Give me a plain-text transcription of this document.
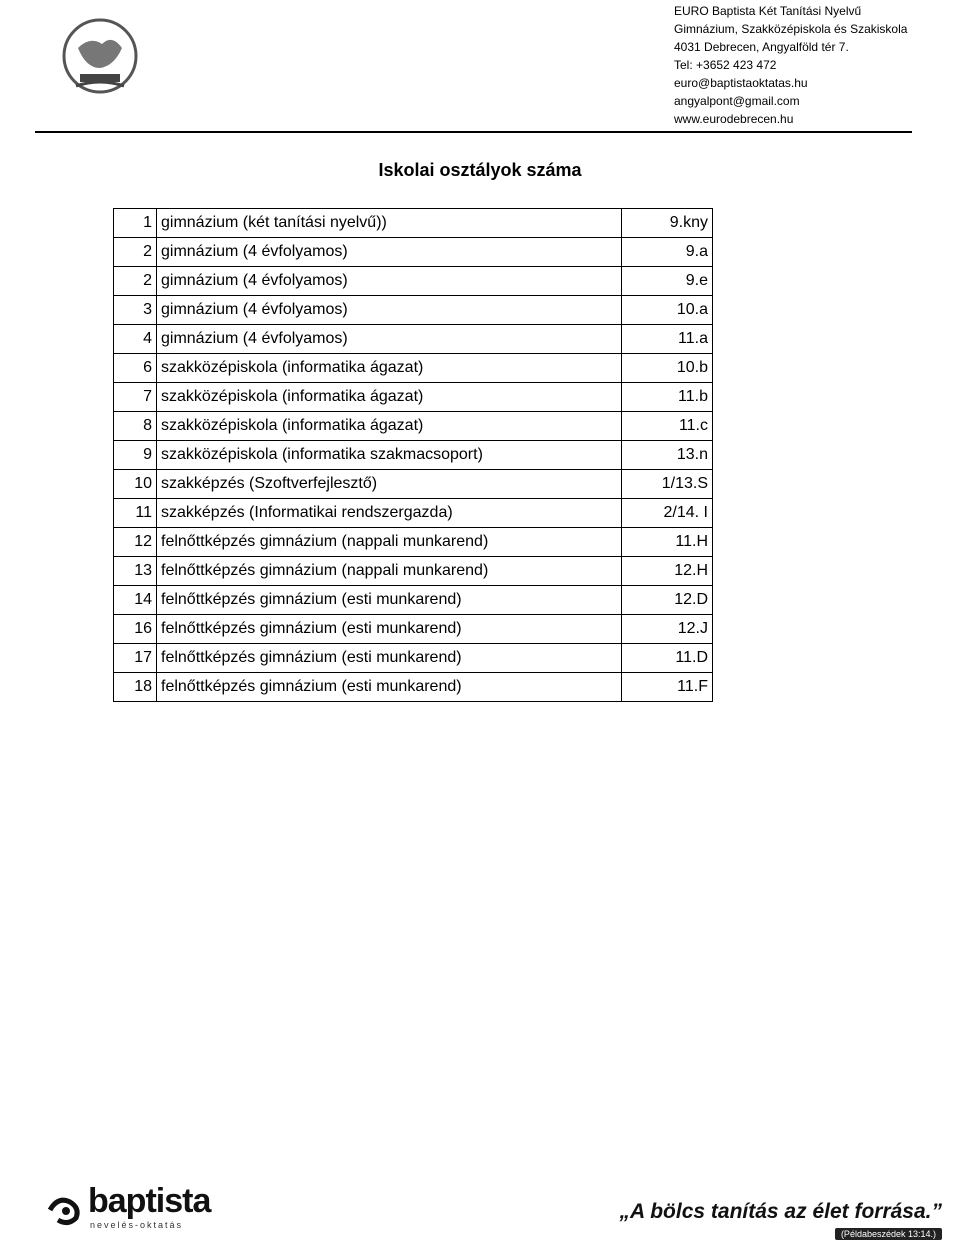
EURO Baptista Két Tanítási Nyelvű
Gimnázium, Szakközépiskola és Szakiskola
4031 Debrecen, Angyalföld tér 7.
Tel: +3652 423 472
euro@baptistaoktatas.hu
angyalpont@gmail.com
www.eurodebrecen.hu
Iskolai osztályok száma
1	gimnázium (két tanítási nyelvű))	9.kny
2	gimnázium (4 évfolyamos)	9.a
2	gimnázium (4 évfolyamos)	9.e
3	gimnázium (4 évfolyamos)	10.a
4	gimnázium (4 évfolyamos)	11.a
6	szakközépiskola (informatika ágazat)	10.b
7	szakközépiskola (informatika ágazat)	11.b
8	szakközépiskola (informatika ágazat)	11.c
9	szakközépiskola (informatika szakmacsoport)	13.n
10	szakképzés (Szoftverfejlesztő)	1/13.S
11	szakképzés (Informatikai rendszergazda)	2/14. I
12	felnőttképzés gimnázium (nappali munkarend)	11.H
13	felnőttképzés gimnázium (nappali munkarend)	12.H
14	felnőttképzés gimnázium (esti munkarend)	12.D
16	felnőttképzés gimnázium (esti munkarend)	12.J
17	felnőttképzés gimnázium (esti munkarend)	11.D
18	felnőttképzés gimnázium (esti munkarend)	11.F
baptista
nevelés-oktatás
„A bölcs tanítás az élet forrása.”
(Példabeszédek 13:14.)
